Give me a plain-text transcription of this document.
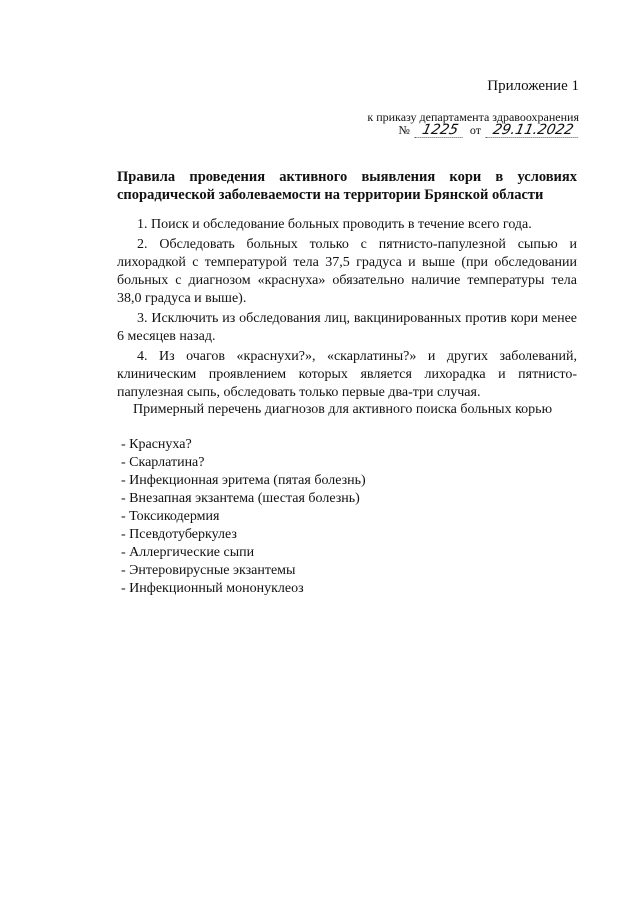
Приложение 1
к приказу департамента здравоохранения
№ 1225 от 29.11.2022
Правила проведения активного выявления кори в условиях
спорадической заболеваемости на территории Брянской области

1. Поиск и обследование больных проводить в течение всего года.

2. Обследовать больных только с пятнисто-папулезной сыпью и лихорадкой с температурой тела 37,5 градуса и выше (при обследовании больных с диагнозом «краснуха» обязательно наличие температуры тела 38,0 градуса и выше).

3. Исключить из обследования лиц, вакцинированных против кори менее 6 месяцев назад.

4. Из очагов «краснухи?», «скарлатины?» и других заболеваний, клиническим проявлением которых является лихорадка и пятнисто-папулезная сыпь, обследовать только первые два-три случая.

Примерный перечень диагнозов для активного поиска больных корью
- Краснуха?
- Скарлатина?
- Инфекционная эритема (пятая болезнь)
- Внезапная экзантема (шестая болезнь)
- Токсикодермия
- Псевдотуберкулез
- Аллергические сыпи
- Энтеровирусные экзантемы
- Инфекционный мононуклеоз
